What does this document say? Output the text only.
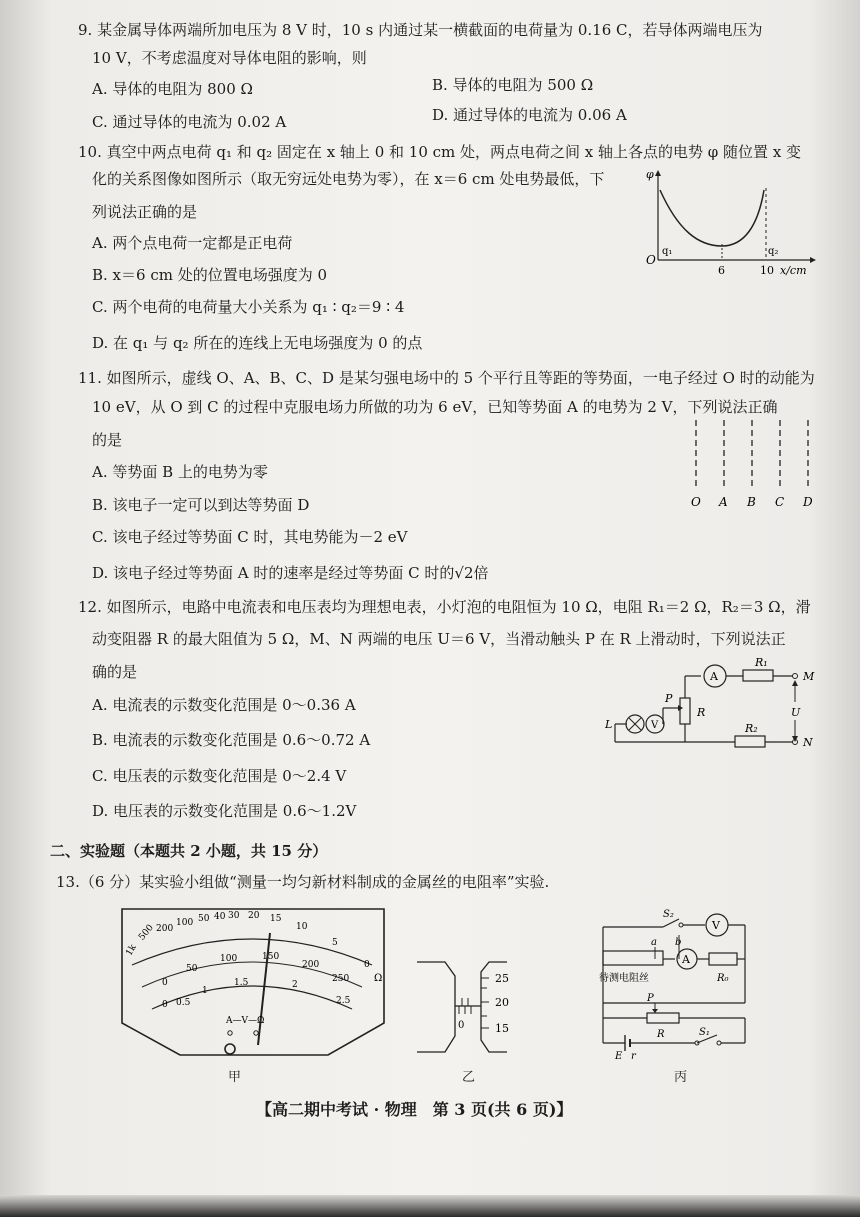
9. 某金属导体两端所加电压为 8 V 时，10 s 内通过某一横截面的电荷量为 0.16 C，若导体两端电压为
10 V，不考虑温度对导体电阻的影响，则
A. 导体的电阻为 800 Ω	B. 导体的电阻为 500 Ω
C. 通过导体的电流为 0.02 A	D. 通过导体的电流为 0.06 A
10. 真空中两点电荷 q₁ 和 q₂ 固定在 x 轴上 0 和 10 cm 处，两点电荷之间 x 轴上各点的电势 φ 随位置 x 变
化的关系图像如图所示（取无穷远处电势为零），在 x＝6 cm 处电势最低，下
列说法正确的是
A. 两个点电荷一定都是正电荷
B. x＝6 cm 处的位置电场强度为 0
C. 两个电荷的电荷量大小关系为 q₁ ∶ q₂＝9 ∶ 4
D. 在 q₁ 与 q₂ 所在的连线上无电场强度为 0 的点
φ
O
q₁	q₂
6	10 x/cm
11. 如图所示，虚线 O、A、B、C、D 是某匀强电场中的 5 个平行且等距的等势面，一电子经过 O 时的动能为
10 eV，从 O 到 C 的过程中克服电场力所做的功为 6 eV，已知等势面 A 的电势为 2 V，下列说法正确
的是
A. 等势面 B 上的电势为零
B. 该电子一定可以到达等势面 D
C. 该电子经过等势面 C 时，其电势能为－2 eV
D. 该电子经过等势面 A 时的速率是经过等势面 C 时的√2倍
O A B C D
12. 如图所示，电路中电流表和电压表均为理想电表，小灯泡的电阻恒为 10 Ω，电阻 R₁＝2 Ω，R₂＝3 Ω，滑
动变阻器 R 的最大阻值为 5 Ω，M、N 两端的电压 U＝6 V，当滑动触头 P 在 R 上滑动时，下列说法正
确的是
A. 电流表的示数变化范围是 0～0.36 A
B. 电流表的示数变化范围是 0.6～0.72 A
C. 电压表的示数变化范围是 0～2.4 V
D. 电压表的示数变化范围是 0.6～1.2V
A
R₁
M
U
N
R
R₂
P
L	V
二、实验题（本题共 2 小题，共 15 分）
13.（6 分）某实验小组做“测量一均匀新材料制成的金属丝的电阻率”实验.
1k
500 200
100 50 40 30 20 15
10
5
0
Ω
0
50
100	150
200
250
0 0.5
1
1.5	2
2.5
A—V—Ω
甲
25
20
15
0
乙
S₂
V
a b
待测电阻丝
A
R₀
R
P
E r
S₁
丙
【高二期中考试 · 物理　第 3 页(共 6 页)】
